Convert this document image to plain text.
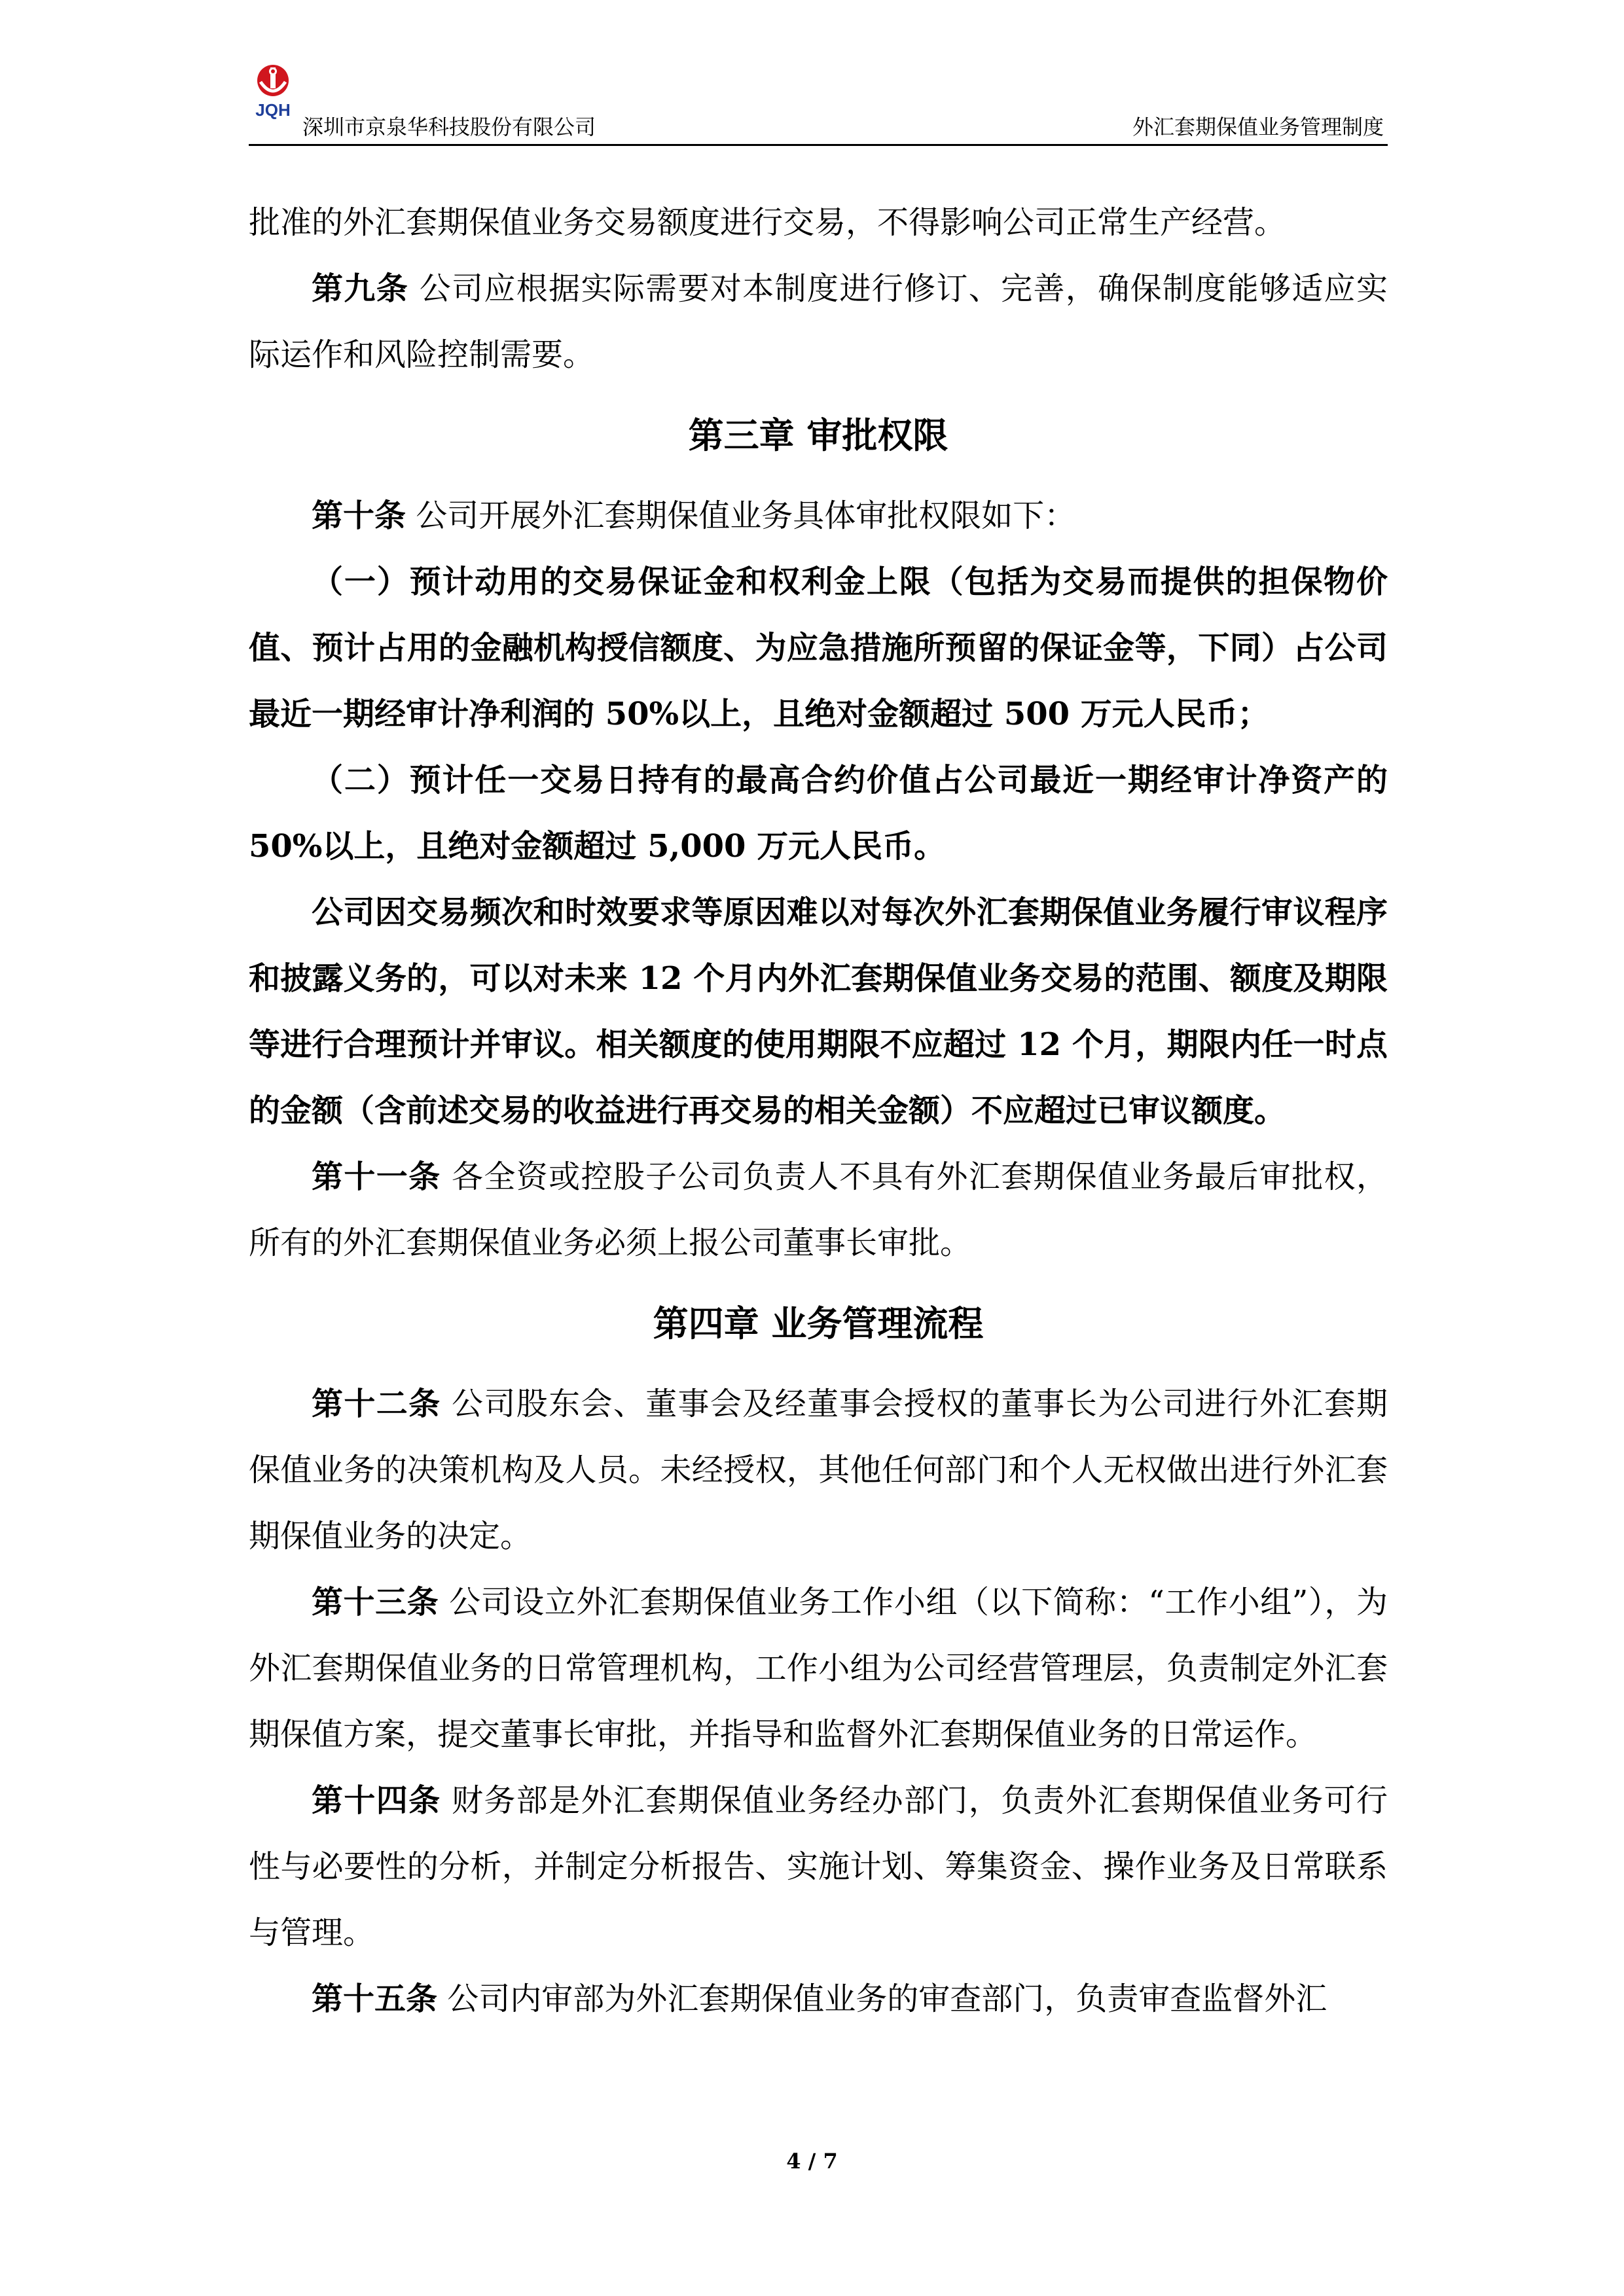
JQH
深圳市京泉华科技股份有限公司	外汇套期保值业务管理制度

批准的外汇套期保值业务交易额度进行交易，不得影响公司正常生产经营。

第九条 公司应根据实际需要对本制度进行修订、完善，确保制度能够适应实际运作和风险控制需要。

第三章 审批权限

第十条 公司开展外汇套期保值业务具体审批权限如下：

（一）预计动用的交易保证金和权利金上限（包括为交易而提供的担保物价值、预计占用的金融机构授信额度、为应急措施所预留的保证金等，下同）占公司最近一期经审计净利润的 50%以上，且绝对金额超过 500 万元人民币；

（二）预计任一交易日持有的最高合约价值占公司最近一期经审计净资产的 50%以上，且绝对金额超过 5,000 万元人民币。

公司因交易频次和时效要求等原因难以对每次外汇套期保值业务履行审议程序和披露义务的，可以对未来 12 个月内外汇套期保值业务交易的范围、额度及期限等进行合理预计并审议。相关额度的使用期限不应超过 12 个月，期限内任一时点的金额（含前述交易的收益进行再交易的相关金额）不应超过已审议额度。

第十一条 各全资或控股子公司负责人不具有外汇套期保值业务最后审批权，所有的外汇套期保值业务必须上报公司董事长审批。

第四章 业务管理流程

第十二条 公司股东会、董事会及经董事会授权的董事长为公司进行外汇套期保值业务的决策机构及人员。未经授权，其他任何部门和个人无权做出进行外汇套期保值业务的决定。

第十三条 公司设立外汇套期保值业务工作小组（以下简称：“工作小组”），为外汇套期保值业务的日常管理机构，工作小组为公司经营管理层，负责制定外汇套期保值方案，提交董事长审批，并指导和监督外汇套期保值业务的日常运作。

第十四条 财务部是外汇套期保值业务经办部门，负责外汇套期保值业务可行性与必要性的分析，并制定分析报告、实施计划、筹集资金、操作业务及日常联系与管理。

第十五条 公司内审部为外汇套期保值业务的审查部门，负责审查监督外汇

4 / 7
